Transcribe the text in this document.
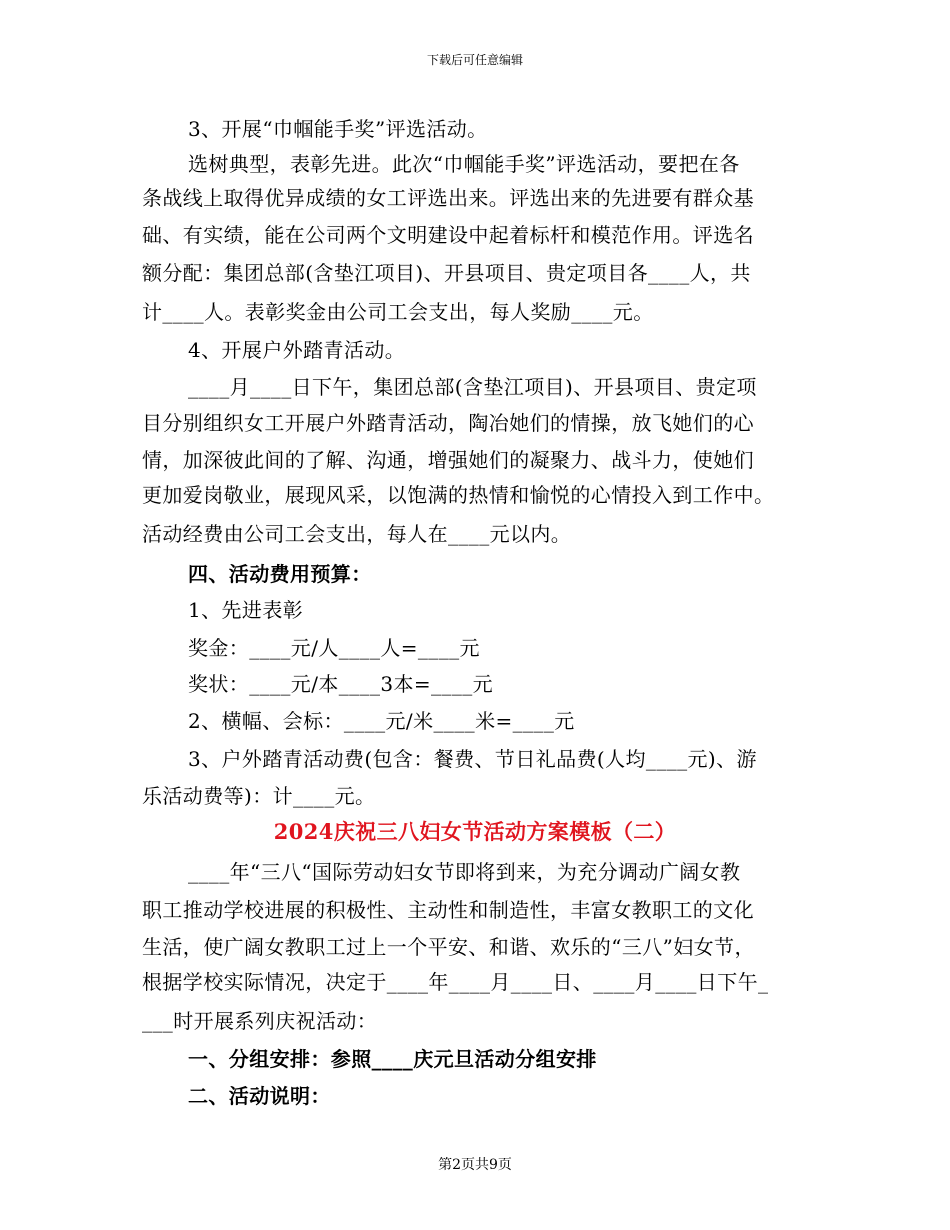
下载后可任意编辑
3、开展“巾帼能手奖”评选活动。
选树典型，表彰先进。此次“巾帼能手奖”评选活动，要把在各
条战线上取得优异成绩的女工评选出来。评选出来的先进要有群众基
础、有实绩，能在公司两个文明建设中起着标杆和模范作用。评选名
额分配：集团总部(含垫江项目)、开县项目、贵定项目各____人，共
计____人。表彰奖金由公司工会支出，每人奖励____元。
4、开展户外踏青活动。
____月____日下午，集团总部(含垫江项目)、开县项目、贵定项
目分别组织女工开展户外踏青活动，陶冶她们的情操，放飞她们的心
情，加深彼此间的了解、沟通，增强她们的凝聚力、战斗力，使她们
更加爱岗敬业，展现风采，以饱满的热情和愉悦的心情投入到工作中。
活动经费由公司工会支出，每人在____元以内。
四、活动费用预算：
1、先进表彰
奖金：____元/人____人=____元
奖状：____元/本____3本=____元
2、横幅、会标：____元/米____米=____元
3、户外踏青活动费(包含：餐费、节日礼品费(人均____元)、游
乐活动费等)：计____元。
2024庆祝三八妇女节活动方案模板（二）
____年“三八“国际劳动妇女节即将到来，为充分调动广阔女教
职工推动学校进展的积极性、主动性和制造性，丰富女教职工的文化
生活，使广阔女教职工过上一个平安、和谐、欢乐的“三八”妇女节，
根据学校实际情况，决定于____年____月____日、____月____日下午_
___时开展系列庆祝活动：
一、分组安排：参照____庆元旦活动分组安排
二、活动说明：
第2页共9页
